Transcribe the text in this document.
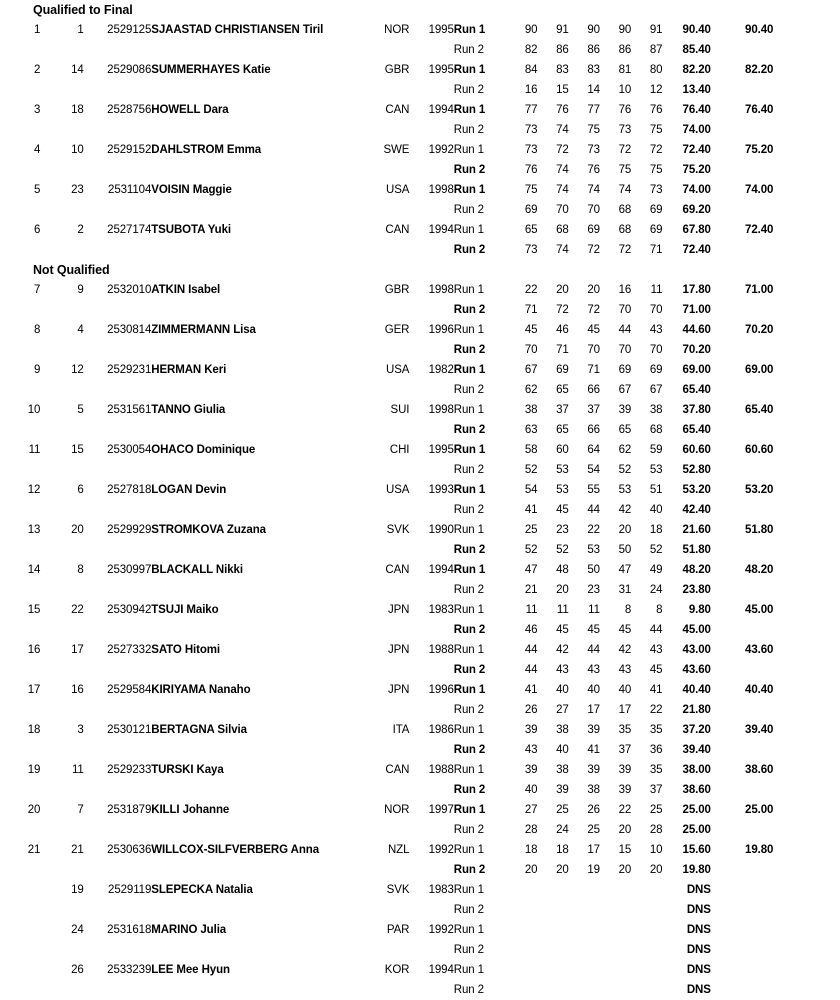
Qualified to Final
1	1	2529125	SJAASTAD CHRISTIANSEN Tiril	NOR	1995	Run 1	90	91	90	90	91	90.40		90.40	
						Run 2	82	86	86	86	87	85.40			
2	14	2529086	SUMMERHAYES Katie	GBR	1995	Run 1	84	83	83	81	80	82.20		82.20	
						Run 2	16	15	14	10	12	13.40			
3	18	2528756	HOWELL Dara	CAN	1994	Run 1	77	76	77	76	76	76.40		76.40	
						Run 2	73	74	75	73	75	74.00			
4	10	2529152	DAHLSTROM Emma	SWE	1992	Run 1	73	72	73	72	72	72.40		75.20	
						Run 2	76	74	76	75	75	75.20			
5	23	2531104	VOISIN Maggie	USA	1998	Run 1	75	74	74	74	73	74.00		74.00	
						Run 2	69	70	70	68	69	69.20			
6	2	2527174	TSUBOTA Yuki	CAN	1994	Run 1	65	68	69	68	69	67.80		72.40	
						Run 2	73	74	72	72	71	72.40			
Not Qualified
7	9	2532010	ATKIN Isabel	GBR	1998	Run 1	22	20	20	16	11	17.80		71.00	
						Run 2	71	72	72	70	70	71.00			
8	4	2530814	ZIMMERMANN Lisa	GER	1996	Run 1	45	46	45	44	43	44.60		70.20	
						Run 2	70	71	70	70	70	70.20			
9	12	2529231	HERMAN Keri	USA	1982	Run 1	67	69	71	69	69	69.00		69.00	
						Run 2	62	65	66	67	67	65.40			
10	5	2531561	TANNO Giulia	SUI	1998	Run 1	38	37	37	39	38	37.80		65.40	
						Run 2	63	65	66	65	68	65.40			
11	15	2530054	OHACO Dominique	CHI	1995	Run 1	58	60	64	62	59	60.60		60.60	
						Run 2	52	53	54	52	53	52.80			
12	6	2527818	LOGAN Devin	USA	1993	Run 1	54	53	55	53	51	53.20		53.20	
						Run 2	41	45	44	42	40	42.40			
13	20	2529929	STROMKOVA Zuzana	SVK	1990	Run 1	25	23	22	20	18	21.60		51.80	
						Run 2	52	52	53	50	52	51.80			
14	8	2530997	BLACKALL Nikki	CAN	1994	Run 1	47	48	50	47	49	48.20		48.20	
						Run 2	21	20	23	31	24	23.80			
15	22	2530942	TSUJI Maiko	JPN	1983	Run 1	11	11	11	8	8	9.80		45.00	
						Run 2	46	45	45	45	44	45.00			
16	17	2527332	SATO Hitomi	JPN	1988	Run 1	44	42	44	42	43	43.00		43.60	
						Run 2	44	43	43	43	45	43.60			
17	16	2529584	KIRIYAMA Nanaho	JPN	1996	Run 1	41	40	40	40	41	40.40		40.40	
						Run 2	26	27	17	17	22	21.80			
18	3	2530121	BERTAGNA Silvia	ITA	1986	Run 1	39	38	39	35	35	37.20		39.40	
						Run 2	43	40	41	37	36	39.40			
19	11	2529233	TURSKI Kaya	CAN	1988	Run 1	39	38	39	39	35	38.00		38.60	
						Run 2	40	39	38	39	37	38.60			
20	7	2531879	KILLI Johanne	NOR	1997	Run 1	27	25	26	22	25	25.00		25.00	
						Run 2	28	24	25	20	28	25.00			
21	21	2530636	WILLCOX-SILFVERBERG Anna	NZL	1992	Run 1	18	18	17	15	10	15.60		19.80	
						Run 2	20	20	19	20	20	19.80			
	19	2529119	SLEPECKA Natalia	SVK	1983	Run 1						DNS			
						Run 2						DNS			
	24	2531618	MARINO Julia	PAR	1992	Run 1						DNS			
						Run 2						DNS			
	26	2533239	LEE Mee Hyun	KOR	1994	Run 1						DNS			
						Run 2						DNS			
